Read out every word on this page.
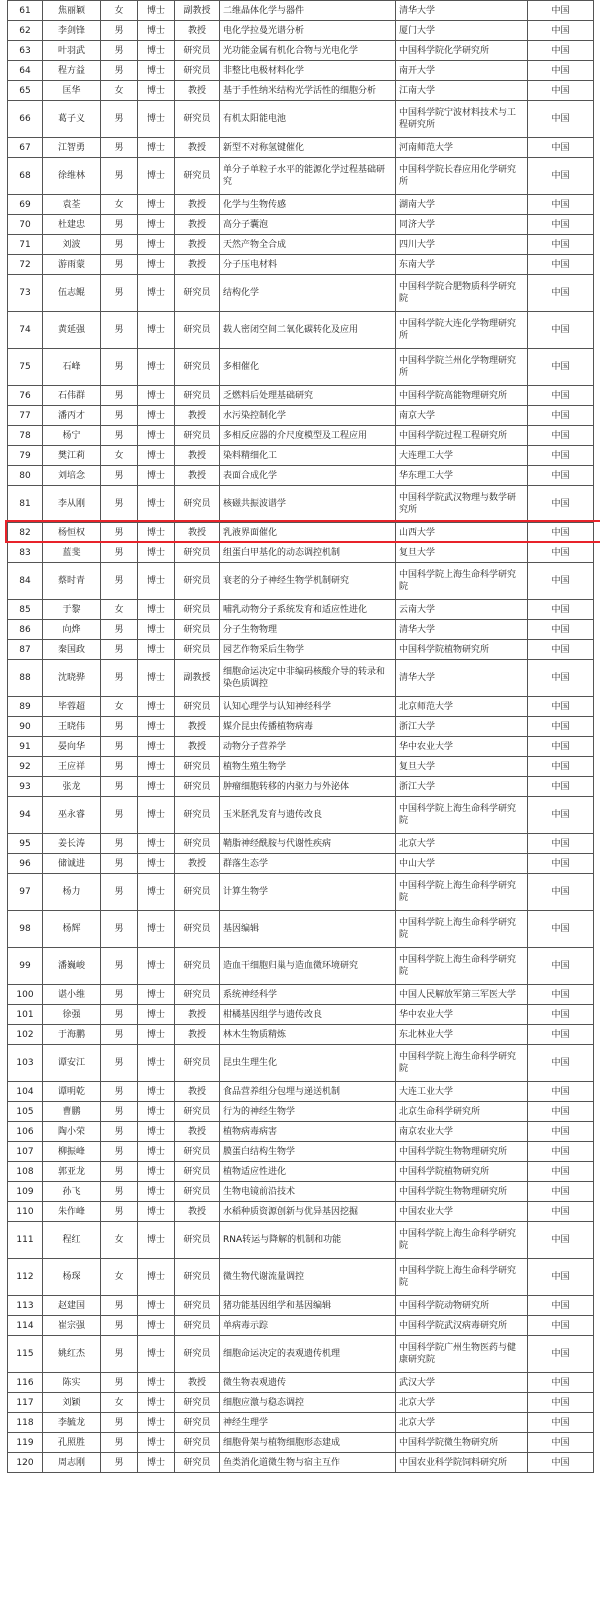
61	焦丽颖	女	博士	副教授	二维晶体化学与器件	清华大学	中国
62	李剑锋	男	博士	教授	电化学拉曼光谱分析	厦门大学	中国
63	叶羽武	男	博士	研究员	光功能金属有机化合物与光电化学	中国科学院化学研究所	中国
64	程方益	男	博士	研究员	非整比电极材料化学	南开大学	中国
65	匡华	女	博士	教授	基于手性纳米结构光学活性的细胞分析	江南大学	中国
66	葛子义	男	博士	研究员	有机太阳能电池	中国科学院宁波材料技术与工程研究所	中国
67	江智勇	男	博士	教授	新型不对称氢键催化	河南师范大学	中国
68	徐维林	男	博士	研究员	单分子单粒子水平的能源化学过程基础研究	中国科学院长春应用化学研究所	中国
69	袁荃	女	博士	教授	化学与生物传感	湖南大学	中国
70	杜建忠	男	博士	教授	高分子囊泡	同济大学	中国
71	刘波	男	博士	教授	天然产物全合成	四川大学	中国
72	游雨蒙	男	博士	教授	分子压电材料	东南大学	中国
73	伍志鲲	男	博士	研究员	结构化学	中国科学院合肥物质科学研究院	中国
74	黄延强	男	博士	研究员	载人密闭空间二氧化碳转化及应用	中国科学院大连化学物理研究所	中国
75	石峰	男	博士	研究员	多相催化	中国科学院兰州化学物理研究所	中国
76	石伟群	男	博士	研究员	乏燃料后处理基础研究	中国科学院高能物理研究所	中国
77	潘丙才	男	博士	教授	水污染控制化学	南京大学	中国
78	杨宁	男	博士	研究员	多相反应器的介尺度模型及工程应用	中国科学院过程工程研究所	中国
79	樊江莉	女	博士	教授	染料精细化工	大连理工大学	中国
80	刘培念	男	博士	教授	表面合成化学	华东理工大学	中国
81	李从刚	男	博士	研究员	核磁共振波谱学	中国科学院武汉物理与数学研究所	中国
82	杨恒权	男	博士	教授	乳液界面催化	山西大学	中国
83	蓝斐	男	博士	研究员	组蛋白甲基化的动态调控机制	复旦大学	中国
84	蔡时青	男	博士	研究员	衰老的分子神经生物学机制研究	中国科学院上海生命科学研究院	中国
85	于黎	女	博士	研究员	哺乳动物分子系统发育和适应性进化	云南大学	中国
86	向烨	男	博士	研究员	分子生物物理	清华大学	中国
87	秦国政	男	博士	研究员	园艺作物采后生物学	中国科学院植物研究所	中国
88	沈晓骅	男	博士	副教授	细胞命运决定中非编码核酸介导的转录和染色质调控	清华大学	中国
89	毕蓉超	女	博士	研究员	认知心理学与认知神经科学	北京师范大学	中国
90	王晓伟	男	博士	教授	媒介昆虫传播植物病毒	浙江大学	中国
91	晏向华	男	博士	教授	动物分子营养学	华中农业大学	中国
92	王应祥	男	博士	研究员	植物生殖生物学	复旦大学	中国
93	张龙	男	博士	研究员	肿瘤细胞转移的内驱力与外泌体	浙江大学	中国
94	巫永睿	男	博士	研究员	玉米胚乳发育与遗传改良	中国科学院上海生命科学研究院	中国
95	姜长涛	男	博士	研究员	鞘脂神经酰胺与代谢性疾病	北京大学	中国
96	储诚进	男	博士	教授	群落生态学	中山大学	中国
97	杨力	男	博士	研究员	计算生物学	中国科学院上海生命科学研究院	中国
98	杨辉	男	博士	研究员	基因编辑	中国科学院上海生命科学研究院	中国
99	潘巍峻	男	博士	研究员	造血干细胞归巢与造血微环境研究	中国科学院上海生命科学研究院	中国
100	谌小维	男	博士	研究员	系统神经科学	中国人民解放军第三军医大学	中国
101	徐强	男	博士	教授	柑橘基因组学与遗传改良	华中农业大学	中国
102	于海鹏	男	博士	教授	林木生物质精炼	东北林业大学	中国
103	谭安江	男	博士	研究员	昆虫生理生化	中国科学院上海生命科学研究院	中国
104	谭明乾	男	博士	教授	食品营养组分包埋与递送机制	大连工业大学	中国
105	曹鹏	男	博士	研究员	行为的神经生物学	北京生命科学研究所	中国
106	陶小荣	男	博士	教授	植物病毒病害	南京农业大学	中国
107	柳振峰	男	博士	研究员	膜蛋白结构生物学	中国科学院生物物理研究所	中国
108	郭亚龙	男	博士	研究员	植物适应性进化	中国科学院植物研究所	中国
109	孙飞	男	博士	研究员	生物电镜前沿技术	中国科学院生物物理研究所	中国
110	朱作峰	男	博士	教授	水稻种质资源创新与优异基因挖掘	中国农业大学	中国
111	程红	女	博士	研究员	RNA转运与降解的机制和功能	中国科学院上海生命科学研究院	中国
112	杨琛	女	博士	研究员	微生物代谢流量调控	中国科学院上海生命科学研究院	中国
113	赵建国	男	博士	研究员	猪功能基因组学和基因编辑	中国科学院动物研究所	中国
114	崔宗强	男	博士	研究员	单病毒示踪	中国科学院武汉病毒研究所	中国
115	姚红杰	男	博士	研究员	细胞命运决定的表观遗传机理	中国科学院广州生物医药与健康研究院	中国
116	陈实	男	博士	教授	微生物表观遗传	武汉大学	中国
117	刘颖	女	博士	研究员	细胞应激与稳态调控	北京大学	中国
118	李毓龙	男	博士	研究员	神经生理学	北京大学	中国
119	孔照胜	男	博士	研究员	细胞骨架与植物细胞形态建成	中国科学院微生物研究所	中国
120	周志刚	男	博士	研究员	鱼类消化道微生物与宿主互作	中国农业科学院饲料研究所	中国
